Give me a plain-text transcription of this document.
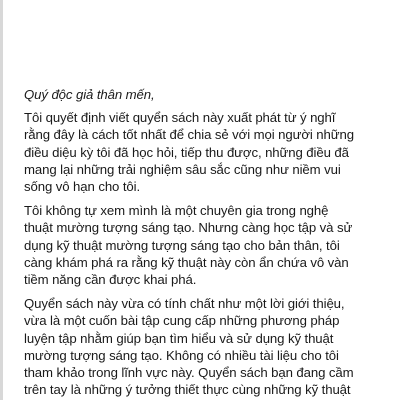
Quý độc giả thân mến,

Tôi quyết định viết quyển sách này xuất phát từ ý nghĩ
rằng đây là cách tốt nhất để chia sẻ với mọi người những
điều diệu kỳ tôi đã học hỏi, tiếp thu được, những điều đã
mang lại những trải nghiệm sâu sắc cũng như niềm vui
sống vô hạn cho tôi.
Tôi không tự xem mình là một chuyên gia trong nghệ
thuật mường tượng sáng tạo. Nhưng càng học tập và sử
dụng kỹ thuật mường tượng sáng tạo cho bản thân, tôi
càng khám phá ra rằng kỹ thuật này còn ẩn chứa vô vàn
tiềm năng cần được khai phá.
Quyển sách này vừa có tính chất như một lời giới thiệu,
vừa là một cuốn bài tập cung cấp những phương pháp
luyện tập nhằm giúp bạn tìm hiểu và sử dụng kỹ thuật
mường tượng sáng tạo. Không có nhiều tài liệu cho tôi
tham khảo trong lĩnh vực này. Quyển sách bạn đang cầm
trên tay là những ý tưởng thiết thực cùng những kỹ thuật
